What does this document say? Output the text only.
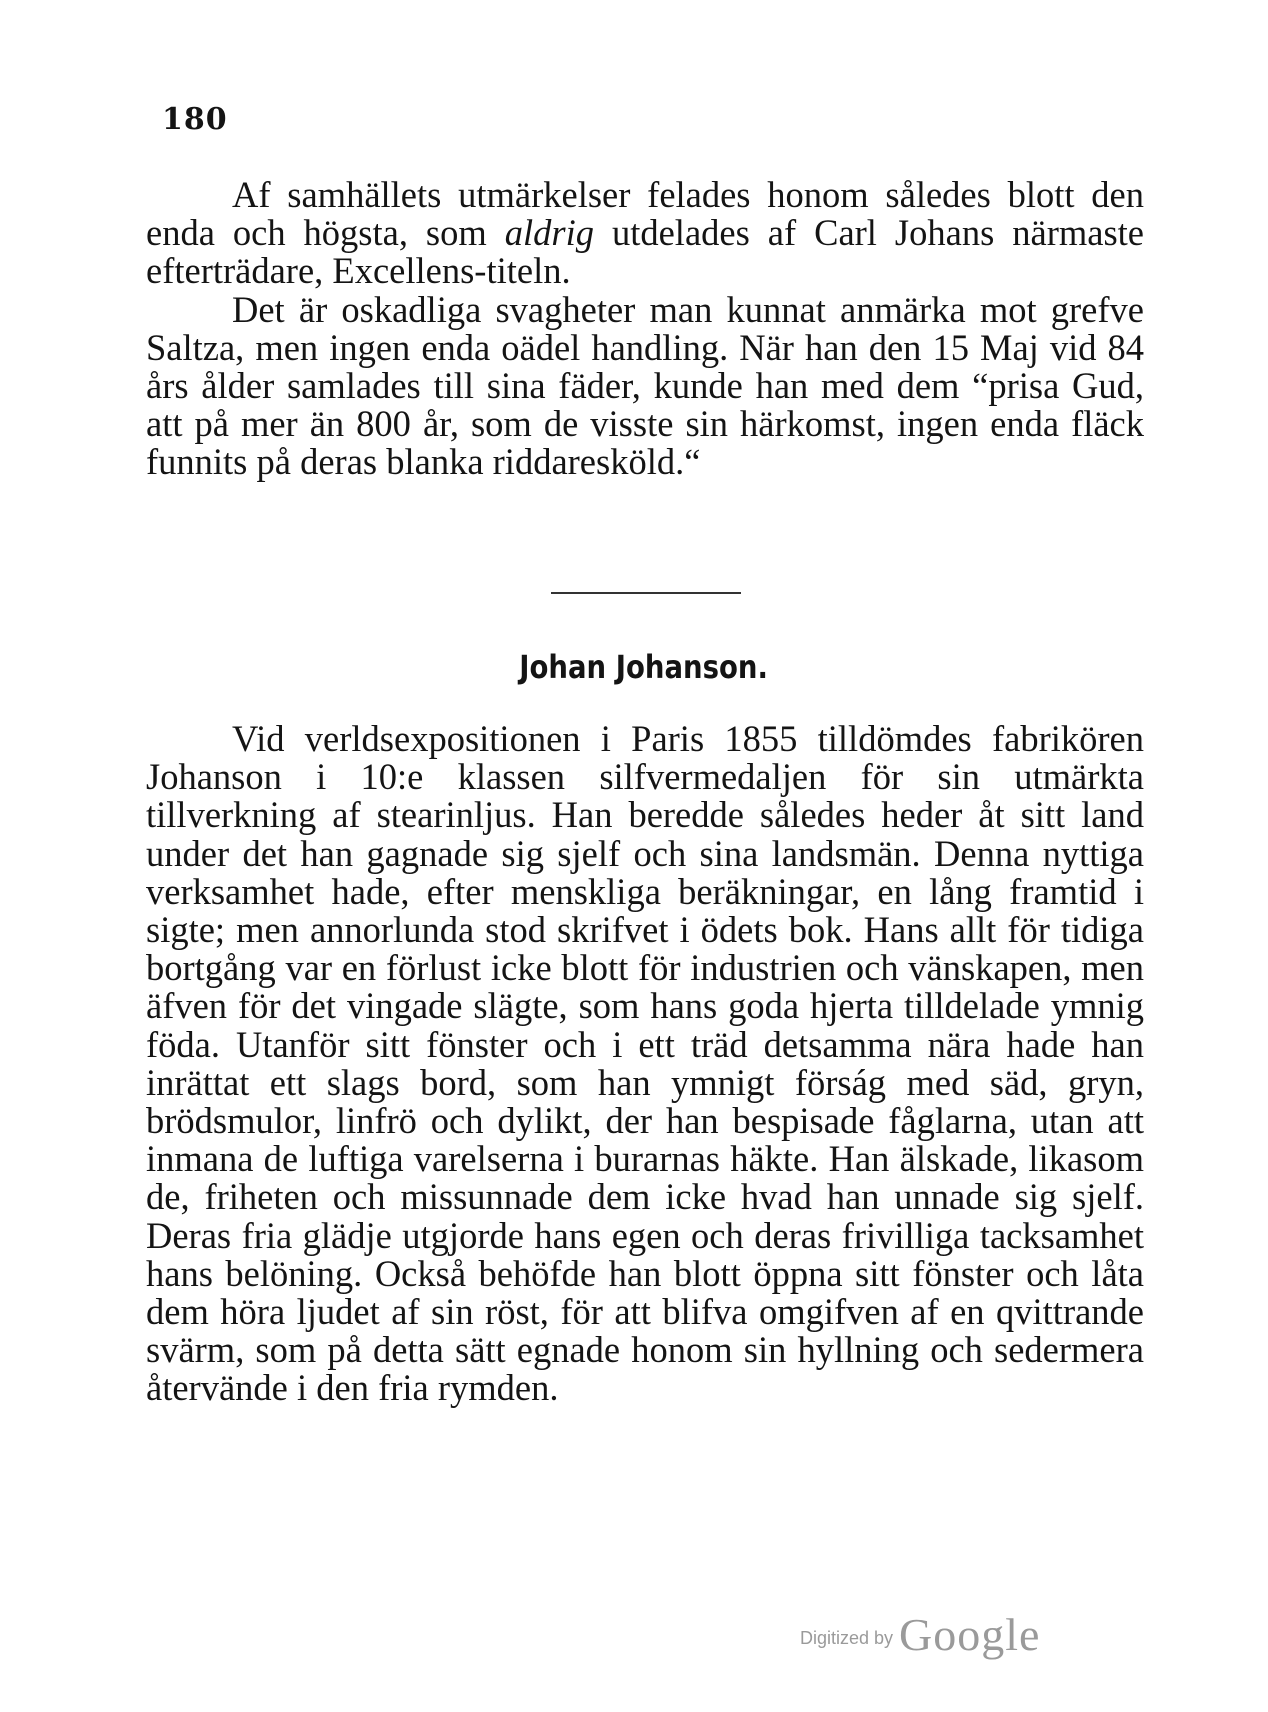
180

Af samhällets utmärkelser felades honom således blott den enda och högsta, som aldrig utdelades af Carl Johans närmaste efterträdare, Excellens-titeln.

Det är oskadliga svagheter man kunnat anmärka mot grefve Saltza, men ingen enda oädel handling. När han den 15 Maj vid 84 års ålder samlades till sina fäder, kunde han med dem “prisa Gud, att på mer än 800 år, som de visste sin härkomst, ingen enda fläck funnits på deras blanka riddaresköld.“

Johan Johanson.

Vid verldsexpositionen i Paris 1855 tilldömdes fabrikören Johanson i 10:e klassen silfvermedaljen för sin utmärkta tillverkning af stearinljus. Han beredde således heder åt sitt land under det han gagnade sig sjelf och sina landsmän. Denna nyttiga verksamhet hade, efter menskliga beräkningar, en lång framtid i sigte; men annorlunda stod skrifvet i ödets bok. Hans allt för tidiga bortgång var en förlust icke blott för industrien och vänskapen, men äfven för det vingade slägte, som hans goda hjerta tilldelade ymnig föda. Utanför sitt fönster och i ett träd detsamma nära hade han inrättat ett slags bord, som han ymnigt förság med säd, gryn, brödsmulor, linfrö och dylikt, der han bespisade fåglarna, utan att inmana de luftiga varelserna i burarnas häkte. Han älskade, likasom de, friheten och missunnade dem icke hvad han unnade sig sjelf. Deras fria glädje utgjorde hans egen och deras frivilliga tacksamhet hans belöning. Också behöfde han blott öppna sitt fönster och låta dem höra ljudet af sin röst, för att blifva omgifven af en qvittrande svärm, som på detta sätt egnade honom sin hyllning och sedermera återvände i den fria rymden.

Digitized by Google
